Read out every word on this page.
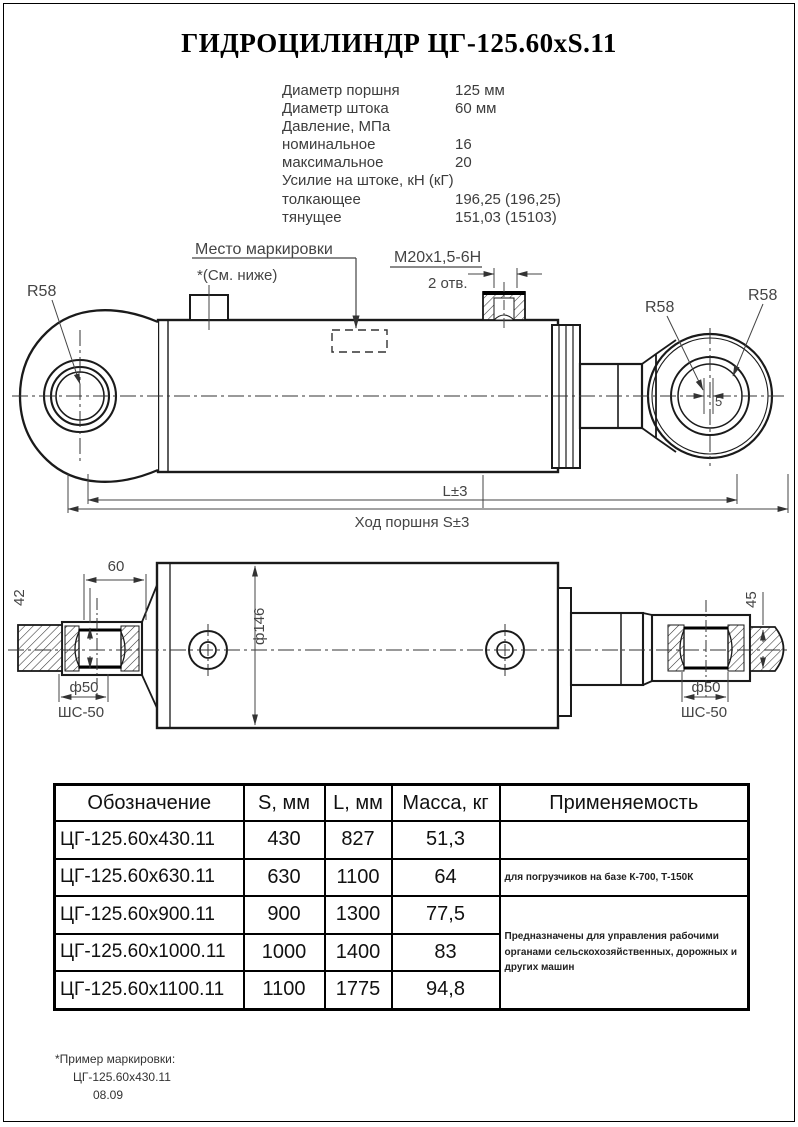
ГИДРОЦИЛИНДР ЦГ-125.60xS.11
Диаметр поршня	125 мм
Диаметр штока	60 мм
Давление, МПа
номинальное	16
максимальное	20
Усилие на штоке, кН (кГ)
толкающее	196,25 (196,25)
тянущее	151,03 (15103)
Место маркировки
*(См. ниже)
М20х1,5-6Н
2 отв.
5
R58
R58
R58
L±3
Ход поршня S±3
60
42
ф146
ф50
ШС-50
45
ф50
ШС-50
Обозначение	S, мм	L, мм	Масса, кг	Применяемость
ЦГ-125.60х430.11	430	827	51,3	
ЦГ-125.60х630.11	630	1100	64	для погрузчиков на базе К-700, Т-150К
ЦГ-125.60х900.11	900	1300	77,5	Предназначены для управления рабочими органами сельскохозяйственных, дорожных и других машин
ЦГ-125.60х1000.11	1000	1400	83	
ЦГ-125.60х1100.11	1100	1775	94,8	
*Пример маркировки:
ЦГ-125.60х430.11
08.09
